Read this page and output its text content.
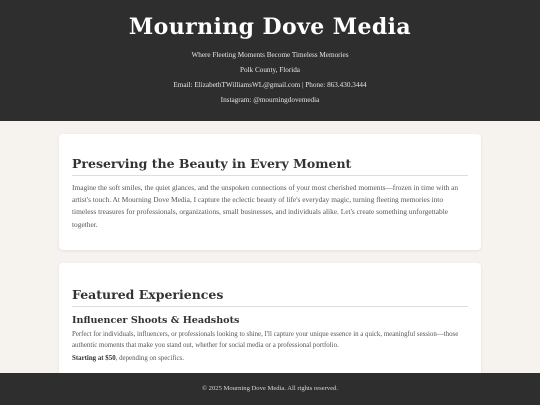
Mourning Dove Media
Where Fleeting Moments Become Timeless Memories
Polk County, Florida
Email: ElizabethTWilliamsWL@gmail.com | Phone: 863.430.3444
Instagram: @mourningdovemedia
Preserving the Beauty in Every Moment

Imagine the soft smiles, the quiet glances, and the unspoken connections of your most cherished moments—frozen in time with an artist's touch. At Mourning Dove Media, I capture the eclectic beauty of life's everyday magic, turning fleeting memories into timeless treasures for professionals, organizations, small businesses, and individuals alike. Let's create something unforgettable together.

Featured Experiences
Influencer Shoots & Headshots

Perfect for individuals, influencers, or professionals looking to shine, I'll capture your unique essence in a quick, meaningful session—those authentic moments that make you stand out, whether for social media or a professional portfolio.

Starting at $50, depending on specifics.

© 2025 Mourning Dove Media. All rights reserved.
